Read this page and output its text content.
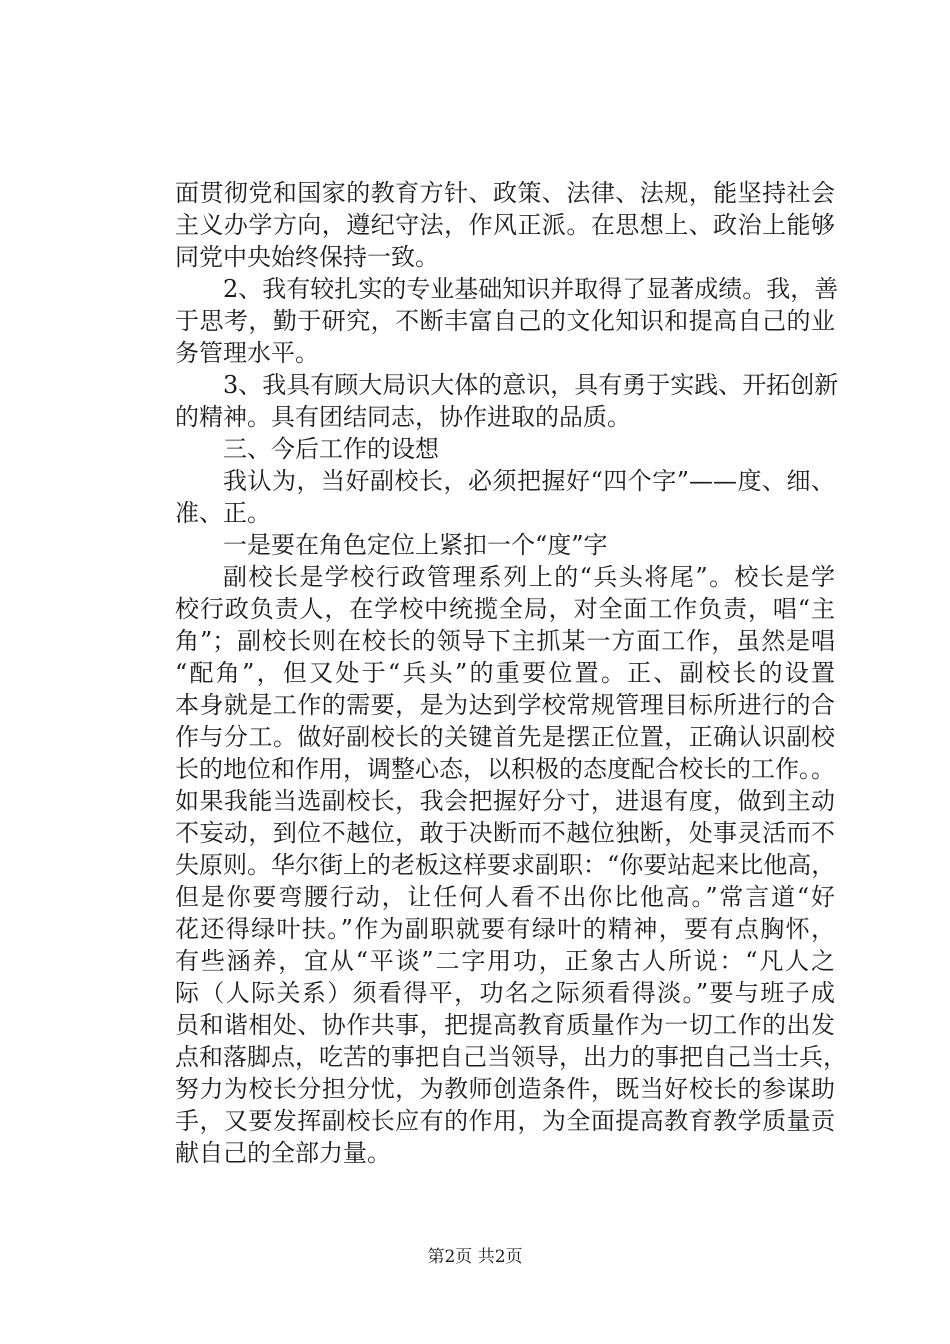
面贯彻党和国家的教育方针、政策、法律、法规，能坚持社会
主义办学方向，遵纪守法，作风正派。在思想上、政治上能够
同党中央始终保持一致。
2、我有较扎实的专业基础知识并取得了显著成绩。我，善
于思考，勤于研究，不断丰富自己的文化知识和提高自己的业
务管理水平。
3、我具有顾大局识大体的意识，具有勇于实践、开拓创新
的精神。具有团结同志，协作进取的品质。
三、今后工作的设想
我认为，当好副校长，必须把握好“四个字”——度、细、
准、正。
一是要在角色定位上紧扣一个“度”字
副校长是学校行政管理系列上的“兵头将尾”。校长是学
校行政负责人，在学校中统揽全局，对全面工作负责，唱“主
角”；副校长则在校长的领导下主抓某一方面工作，虽然是唱
“配角”，但又处于“兵头”的重要位置。正、副校长的设置
本身就是工作的需要，是为达到学校常规管理目标所进行的合
作与分工。做好副校长的关键首先是摆正位置，正确认识副校
长的地位和作用，调整心态，以积极的态度配合校长的工作。。
如果我能当选副校长，我会把握好分寸，进退有度，做到主动
不妄动，到位不越位，敢于决断而不越位独断，处事灵活而不
失原则。华尔街上的老板这样要求副职：“你要站起来比他高，
但是你要弯腰行动，让任何人看不出你比他高。”常言道“好
花还得绿叶扶。”作为副职就要有绿叶的精神，要有点胸怀，
有些涵养，宜从“平谈”二字用功，正象古人所说：“凡人之
际（人际关系）须看得平，功名之际须看得淡。”要与班子成
员和谐相处、协作共事，把提高教育质量作为一切工作的出发
点和落脚点，吃苦的事把自己当领导，出力的事把自己当士兵，
努力为校长分担分忧，为教师创造条件，既当好校长的参谋助
手，又要发挥副校长应有的作用，为全面提高教育教学质量贡
献自己的全部力量。
第2页 共2页
